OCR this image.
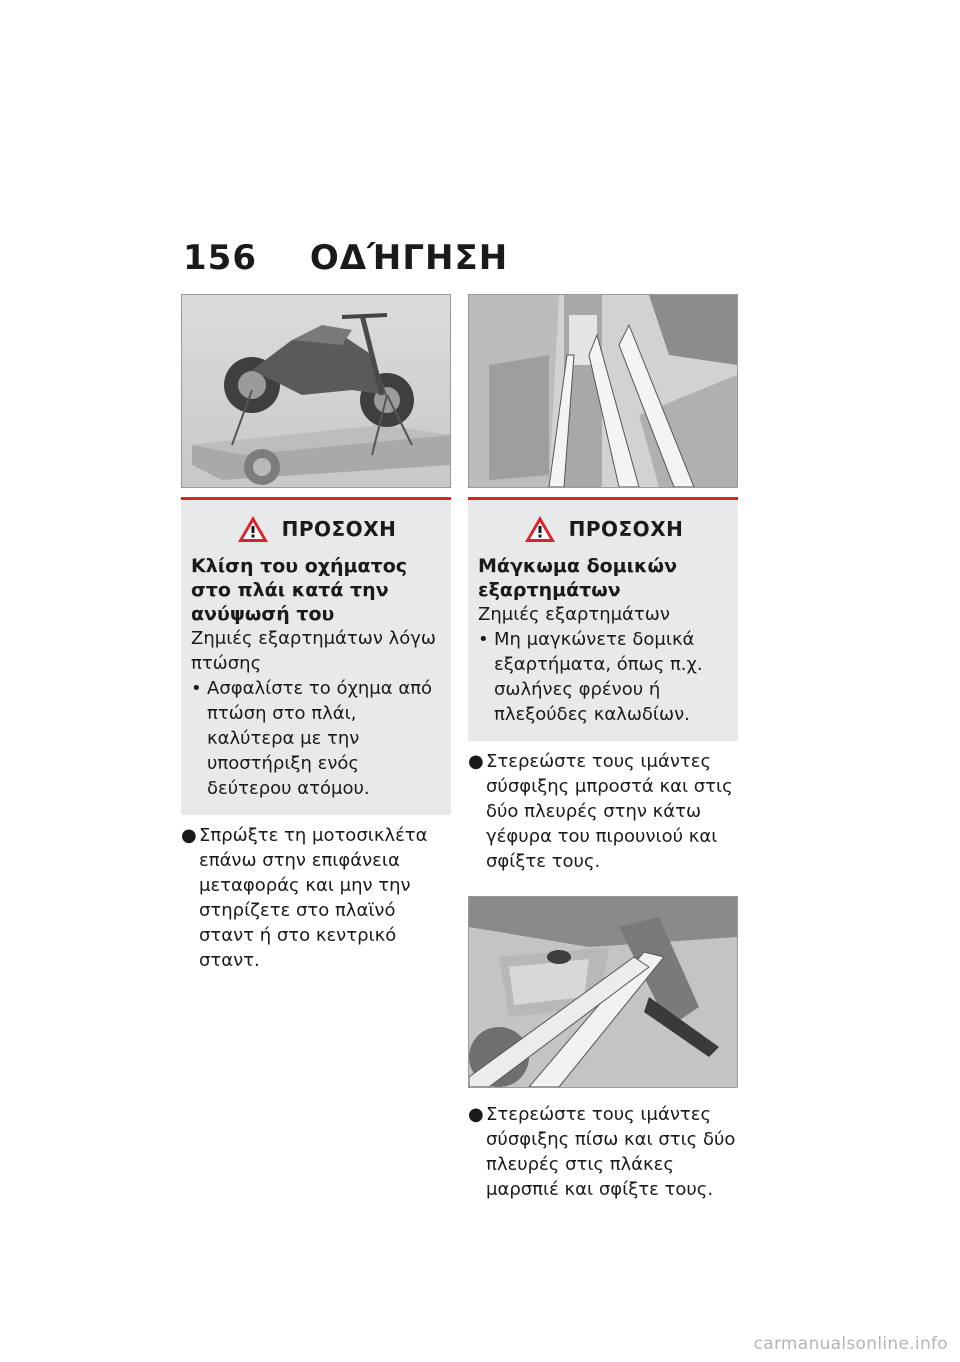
156 ΟΔΉΓΗΣΗ
ΠΡΟΣΟΧΗ
Κλίση του οχήματος στο πλάι κατά την ανύψωσή του
Ζημιές εξαρτημάτων λόγω πτώσης
• Ασφαλίστε το όχημα από πτώση στο πλάι, καλύτερα με την υποστήριξη ενός δεύτερου ατόμου.
● Σπρώξτε τη μοτοσικλέτα επάνω στην επιφάνεια μεταφοράς και μην την στηρίζετε στο πλαϊνό σταντ ή στο κεντρικό σταντ.
ΠΡΟΣΟΧΗ
Μάγκωμα δομικών εξαρτημάτων
Ζημιές εξαρτημάτων
• Μη μαγκώνετε δομικά εξαρτήματα, όπως π.χ. σωλήνες φρένου ή πλεξούδες καλωδίων.
● Στερεώστε τους ιμάντες σύσφιξης μπροστά και στις δύο πλευρές στην κάτω γέφυρα του πιρουνιού και σφίξτε τους.
● Στερεώστε τους ιμάντες σύσφιξης πίσω και στις δύο πλευρές στις πλάκες μαρσπιέ και σφίξτε τους.
carmanualsonline.info
